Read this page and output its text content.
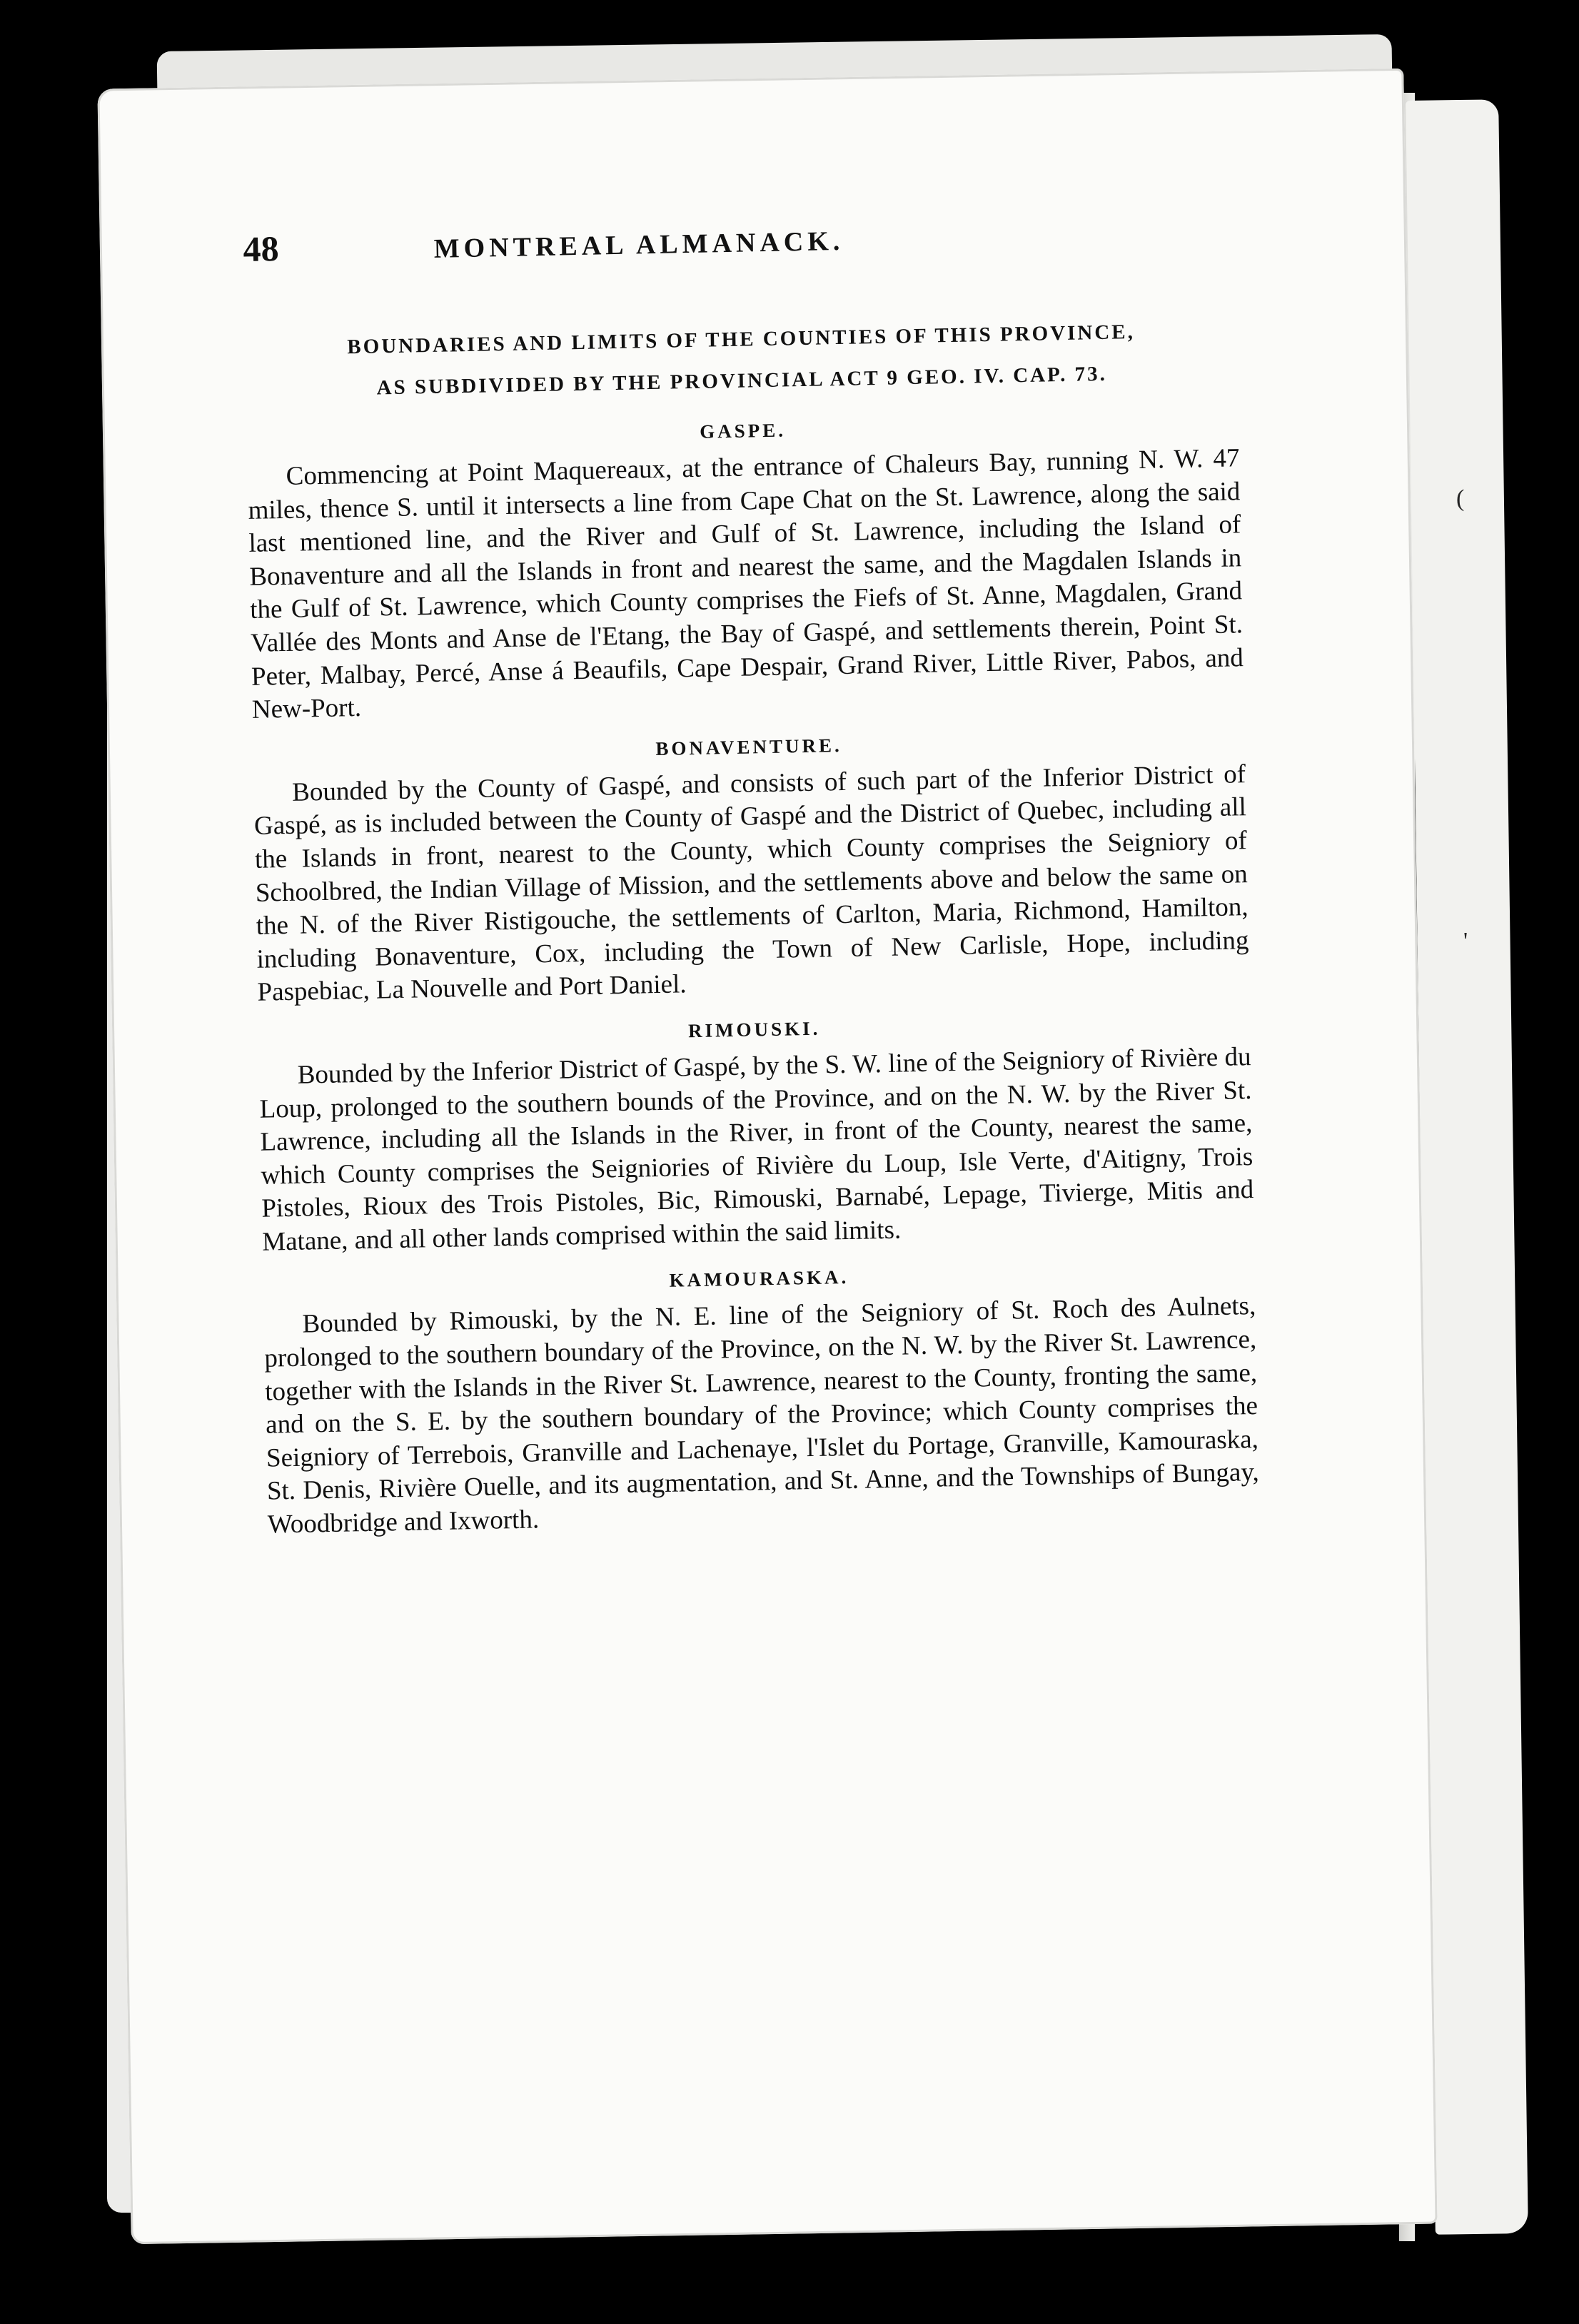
(
'
48	MONTREAL ALMANACK.
BOUNDARIES AND LIMITS OF THE COUNTIES OF THIS PROVINCE,
AS SUBDIVIDED BY THE PROVINCIAL ACT 9 GEO. IV. CAP. 73.
GASPE.

Commencing at Point Maquereaux, at the entrance of Chaleurs Bay, running N. W. 47 miles, thence S. until it intersects a line from Cape Chat on the St. Lawrence, along the said last mentioned line, and the River and Gulf of St. Lawrence, including the Island of Bonaventure and all the Islands in front and nearest the same, and the Magdalen Islands in the Gulf of St. Lawrence, which County comprises the Fiefs of St. Anne, Magdalen, Grand Vallée des Monts and Anse de l'Etang, the Bay of Gaspé, and settlements therein, Point St. Peter, Malbay, Percé, Anse á Beaufils, Cape Despair, Grand River, Little River, Pabos, and New-Port.

BONAVENTURE.

Bounded by the County of Gaspé, and consists of such part of the Inferior District of Gaspé, as is included between the County of Gaspé and the District of Quebec, including all the Islands in front, nearest to the County, which County comprises the Seigniory of Schoolbred, the Indian Village of Mission, and the settlements above and below the same on the N. of the River Ristigouche, the settlements of Carlton, Maria, Richmond, Hamilton, including Bonaventure, Cox, including the Town of New Carlisle, Hope, including Paspebiac, La Nouvelle and Port Daniel.

RIMOUSKI.

Bounded by the Inferior District of Gaspé, by the S. W. line of the Seigniory of Rivière du Loup, prolonged to the southern bounds of the Province, and on the N. W. by the River St. Lawrence, including all the Islands in the River, in front of the County, nearest the same, which County comprises the Seigniories of Rivière du Loup, Isle Verte, d'Aitigny, Trois Pistoles, Rioux des Trois Pistoles, Bic, Rimouski, Barnabé, Lepage, Tivierge, Mitis and Matane, and all other lands comprised within the said limits.

KAMOURASKA.

Bounded by Rimouski, by the N. E. line of the Seigniory of St. Roch des Aulnets, prolonged to the southern boundary of the Province, on the N. W. by the River St. Lawrence, together with the Islands in the River St. Lawrence, nearest to the County, fronting the same, and on the S. E. by the southern boundary of the Province; which County comprises the Seigniory of Terrebois, Granville and Lachenaye, l'Islet du Portage, Granville, Kamouraska, St. Denis, Rivière Ouelle, and its augmentation, and St. Anne, and the Townships of Bungay, Woodbridge and Ixworth.
